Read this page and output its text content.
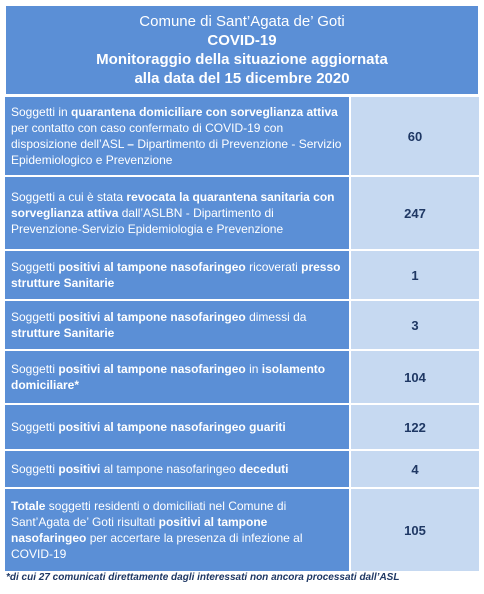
Comune di Sant’Agata de’ Goti
COVID-19
Monitoraggio della situazione aggiornata
alla data del 15 dicembre 2020
Soggetti in quarantena domiciliare con sorveglianza attiva per contatto con caso confermato di COVID-19 con disposizione dell’ASL – Dipartimento di Prevenzione - Servizio Epidemiologico e Prevenzione
60
Soggetti a cui è stata revocata la quarantena sanitaria con sorveglianza attiva dall’ASLBN - Dipartimento di Prevenzione-Servizio Epidemiologia e Prevenzione
247
Soggetti positivi al tampone nasofaringeo ricoverati presso strutture Sanitarie
1
Soggetti positivi al tampone nasofaringeo dimessi da strutture Sanitarie
3
Soggetti positivi al tampone nasofaringeo in isolamento domiciliare*
104
Soggetti positivi al tampone nasofaringeo guariti	122
Soggetti positivi al tampone nasofaringeo deceduti	4
Totale soggetti residenti o domiciliati nel Comune di Sant’Agata de’ Goti risultati positivi al tampone nasofaringeo per accertare la presenza di infezione al COVID-19
105
*di cui 27 comunicati direttamente dagli interessati non ancora processati dall’ASL
